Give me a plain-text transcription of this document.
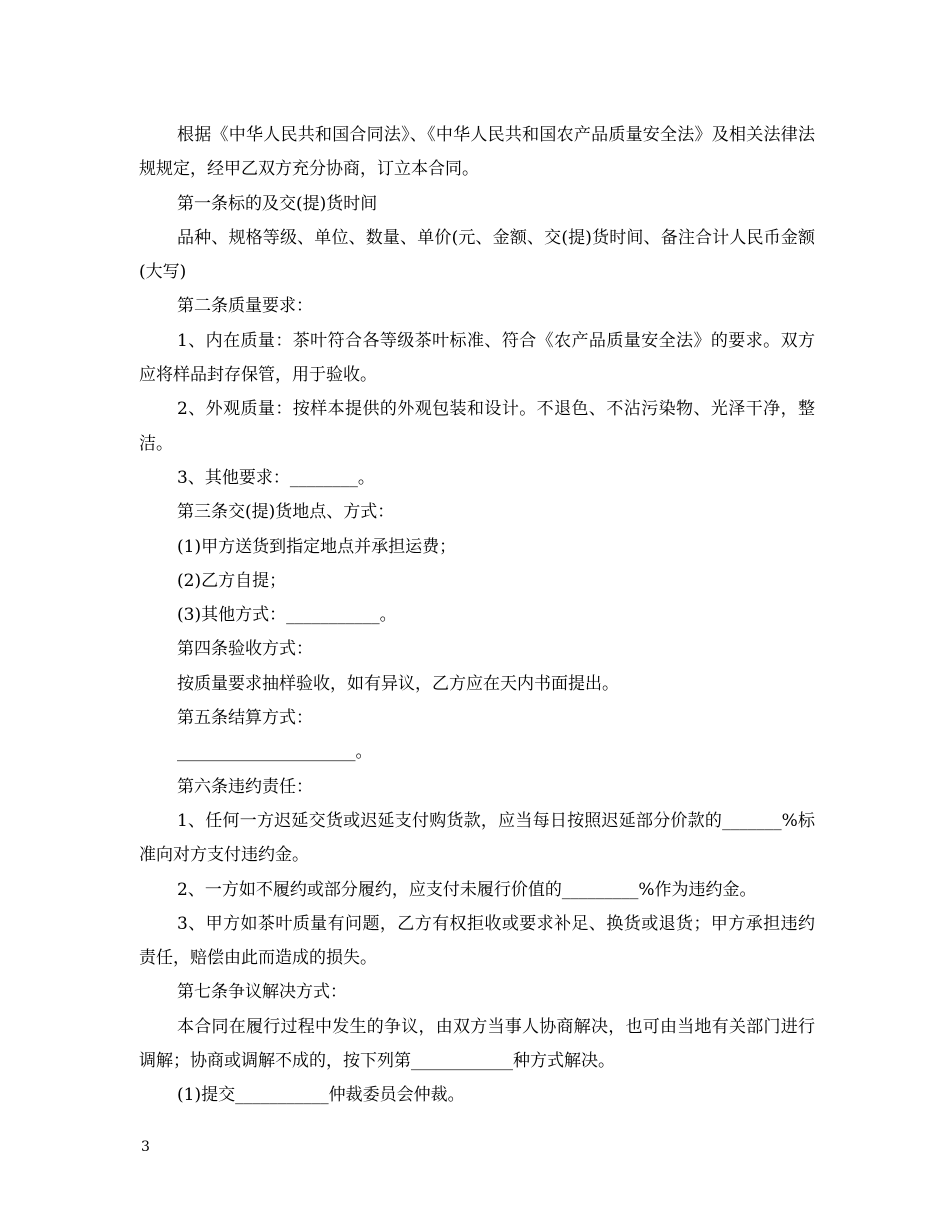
根据《中华人民共和国合同法》、《中华人民共和国农产品质量安全法》及相关法律法规规定，经甲乙双方充分协商，订立本合同。

第一条标的及交(提)货时间

品种、规格等级、单位、数量、单价(元、金额、交(提)货时间、备注合计人民币金额(大写)

第二条质量要求：

1、内在质量：茶叶符合各等级茶叶标准、符合《农产品质量安全法》的要求。双方应将样品封存保管，用于验收。

2、外观质量：按样本提供的外观包装和设计。不退色、不沾污染物、光泽干净，整洁。

3、其他要求：________。

第三条交(提)货地点、方式：

(1)甲方送货到指定地点并承担运费；

(2)乙方自提；

(3)其他方式：___________。

第四条验收方式：

按质量要求抽样验收，如有异议，乙方应在天内书面提出。

第五条结算方式：

_____________________。

第六条违约责任：

1、任何一方迟延交货或迟延支付购货款，应当每日按照迟延部分价款的_______%标准向对方支付违约金。

2、一方如不履约或部分履约，应支付未履行价值的_________%作为违约金。

3、甲方如茶叶质量有问题，乙方有权拒收或要求补足、换货或退货；甲方承担违约责任，赔偿由此而造成的损失。

第七条争议解决方式：

本合同在履行过程中发生的争议，由双方当事人协商解决，也可由当地有关部门进行调解；协商或调解不成的，按下列第____________种方式解决。

(1)提交___________仲裁委员会仲裁。

3
